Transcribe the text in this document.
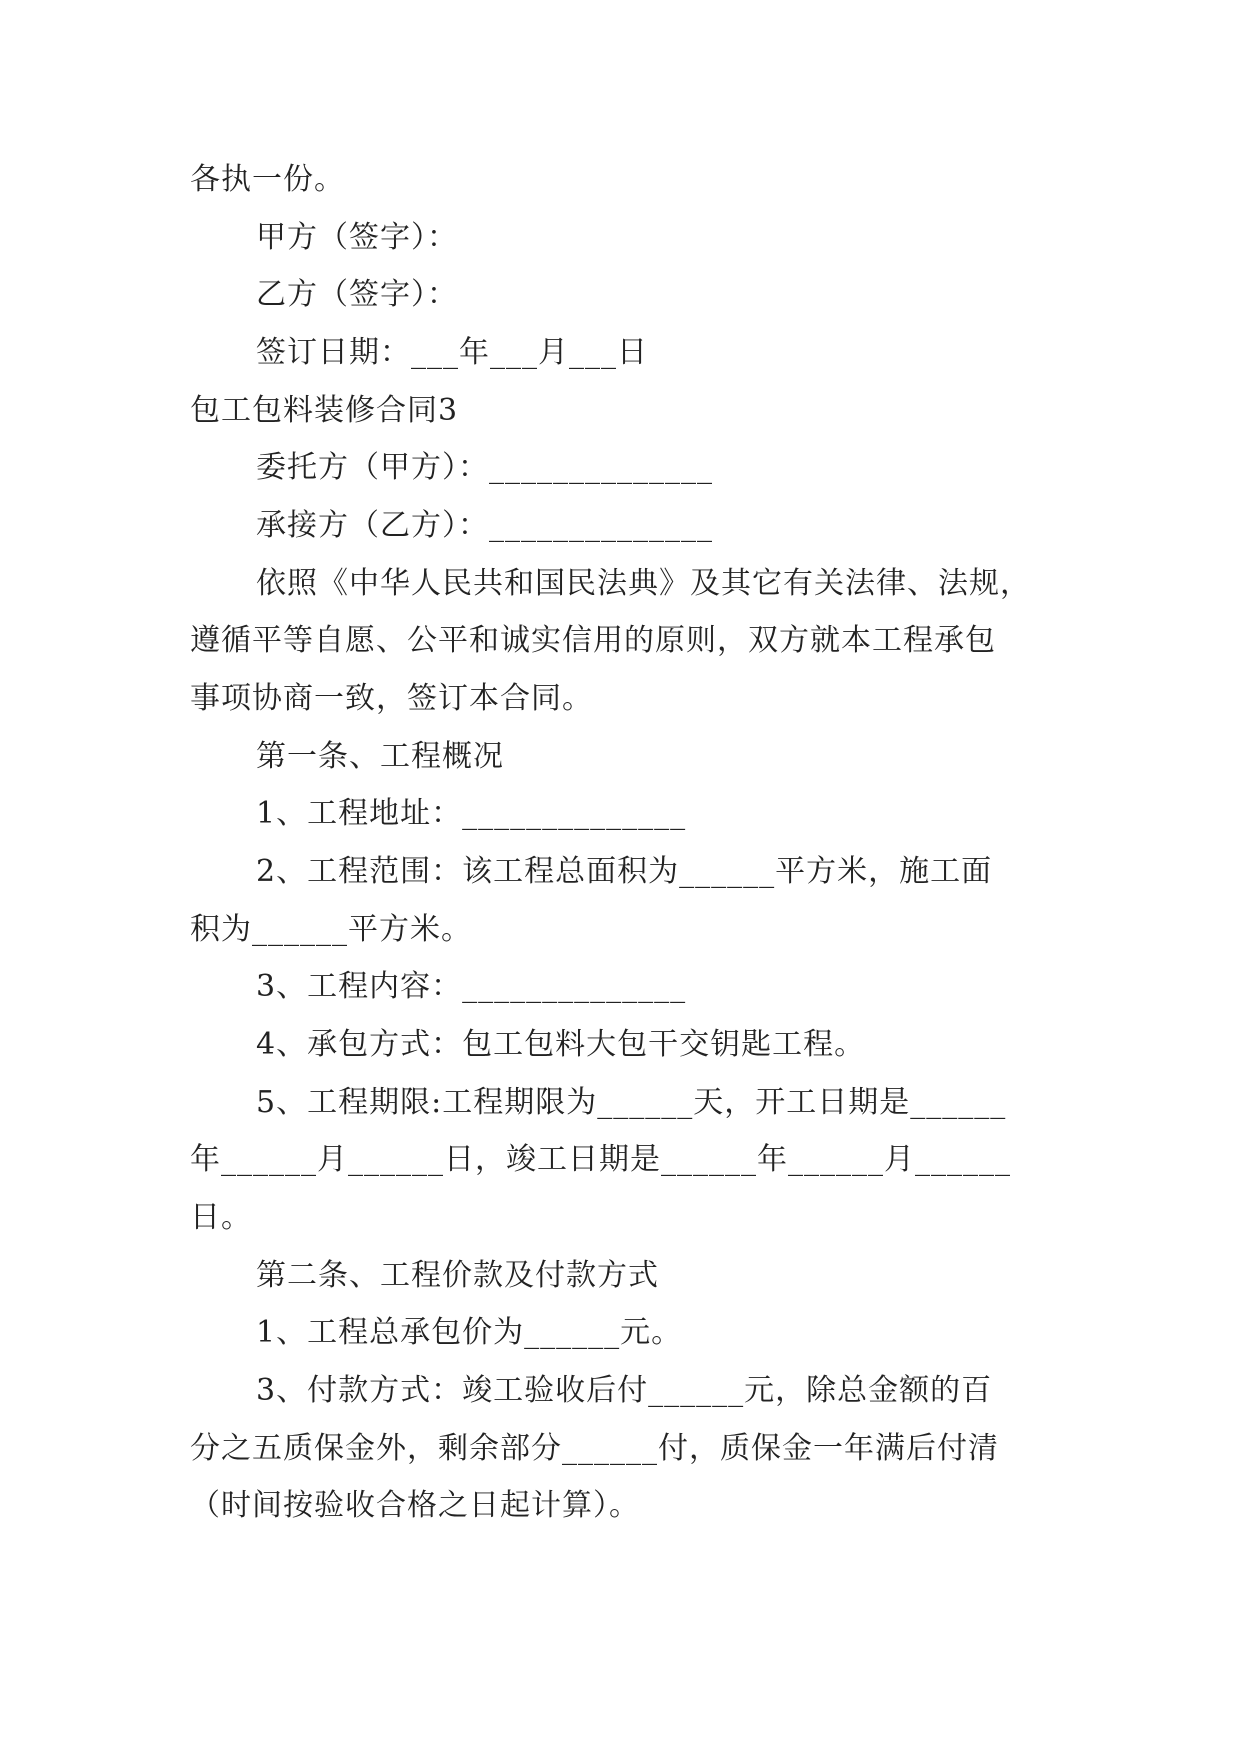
各执一份。
甲方（签字）：
乙方（签字）：
签订日期：___年___月___日
包工包料装修合同3
委托方（甲方）：______________
承接方（乙方）：______________
依照《中华人民共和国民法典》及其它有关法律、法规，
遵循平等自愿、公平和诚实信用的原则，双方就本工程承包
事项协商一致，签订本合同。
第一条、工程概况
1、工程地址：______________
2、工程范围：该工程总面积为______平方米，施工面
积为______平方米。
3、工程内容：______________
4、承包方式：包工包料大包干交钥匙工程。
5、工程期限:工程期限为______天，开工日期是______
年______月______日，竣工日期是______年______月______
日。
第二条、工程价款及付款方式
1、工程总承包价为______元。
3、付款方式：竣工验收后付______元，除总金额的百
分之五质保金外，剩余部分______付，质保金一年满后付清
（时间按验收合格之日起计算）。
